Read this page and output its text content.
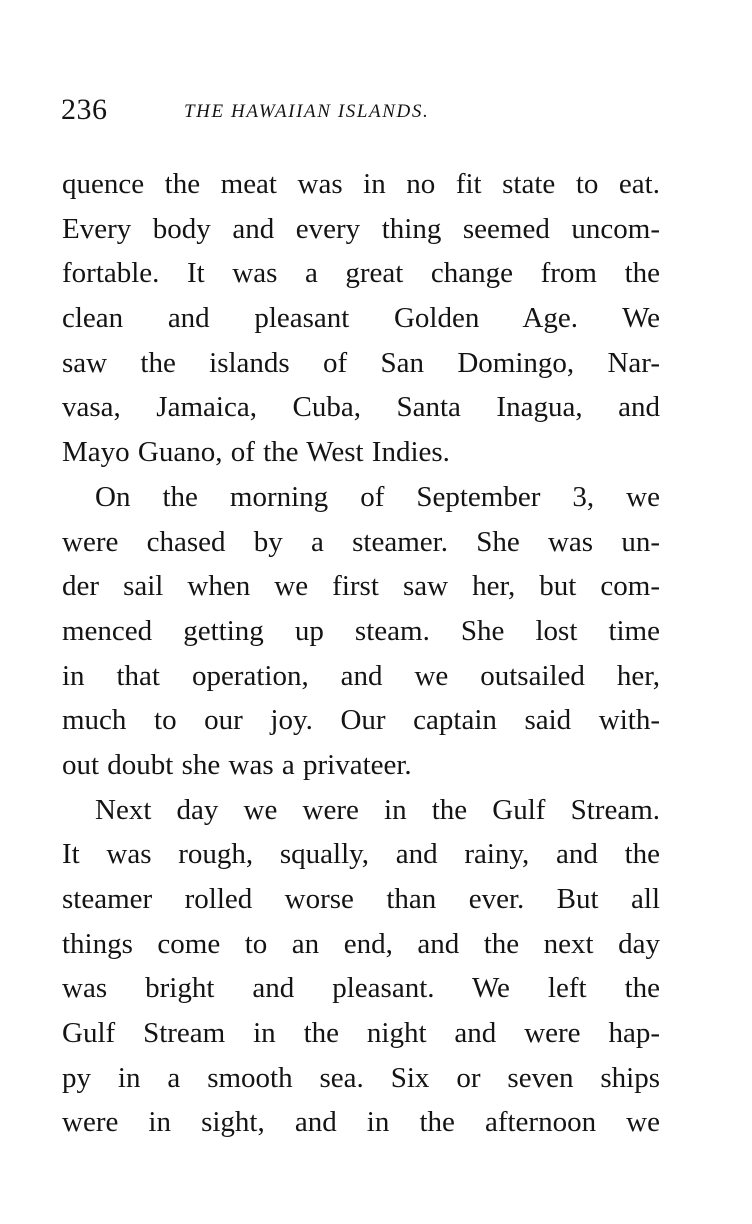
236	THE HAWAIIAN ISLANDS.
quence the meat was in no fit state to eat.
Every body and every thing seemed uncom-
fortable. It was a great change from the
clean and pleasant Golden Age. We
saw the islands of San Domingo, Nar-
vasa, Jamaica, Cuba, Santa Inagua, and
Mayo Guano, of the West Indies.
On the morning of September 3, we
were chased by a steamer. She was un-
der sail when we first saw her, but com-
menced getting up steam. She lost time
in that operation, and we outsailed her,
much to our joy. Our captain said with-
out doubt she was a privateer.
Next day we were in the Gulf Stream.
It was rough, squally, and rainy, and the
steamer rolled worse than ever. But all
things come to an end, and the next day
was bright and pleasant. We left the
Gulf Stream in the night and were hap-
py in a smooth sea. Six or seven ships
were in sight, and in the afternoon we
